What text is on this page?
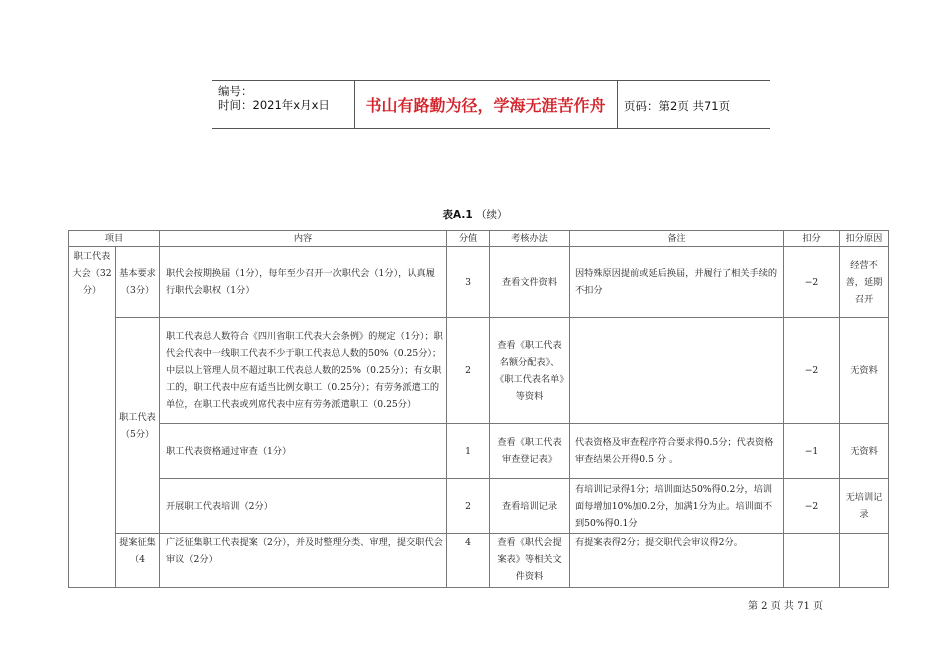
编号：
时间：2021年x月x日	书山有路勤为径，学海无涯苦作舟	页码：第2页 共71页
表A.1 （续）
项目		内容	分值	考核办法	备注	扣分	扣分原因
职工代表大会（32分）	基本要求（3分）	职代会按期换届（1分），每年至少召开一次职代会（1分），认真履行职代会职权（1分）	3	查看文件资料	因特殊原因提前或延后换届，并履行了相关手续的不扣分	−2	经营不善，延期召开
	职工代表（5分）	职工代表总人数符合《四川省职工代表大会条例》的规定（1分）；职代会代表中一线职工代表不少于职工代表总人数的50%（0.25分）；中层以上管理人员不超过职工代表总人数的25%（0.25分）；有女职工的，职工代表中应有适当比例女职工（0.25分）；有劳务派遣工的单位，在职工代表或列席代表中应有劳务派遣职工（0.25分）	2	查看《职工代表名额分配表》、《职工代表名单》等资料		−2	无资料
		职工代表资格通过审查（1分）	1	查看《职工代表审查登记表》	代表资格及审查程序符合要求得0.5分；代表资格审查结果公开得0.5 分 。	−1	无资料
		开展职工代表培训（2分）	2	查看培训记录	有培训记录得1分；培训面达50%得0.2分，培训面每增加10%加0.2分，加满1分为止。培训面不到50%得0.1分	−2	无培训记录
	提案征集（4	广泛征集职工代表提案（2分），并及时整理分类、审理，提交职代会审议（2分）	4	查看《职代会提案表》等相关文件资料	有提案表得2分；提交职代会审议得2分。		
第 2 页 共 71 页
